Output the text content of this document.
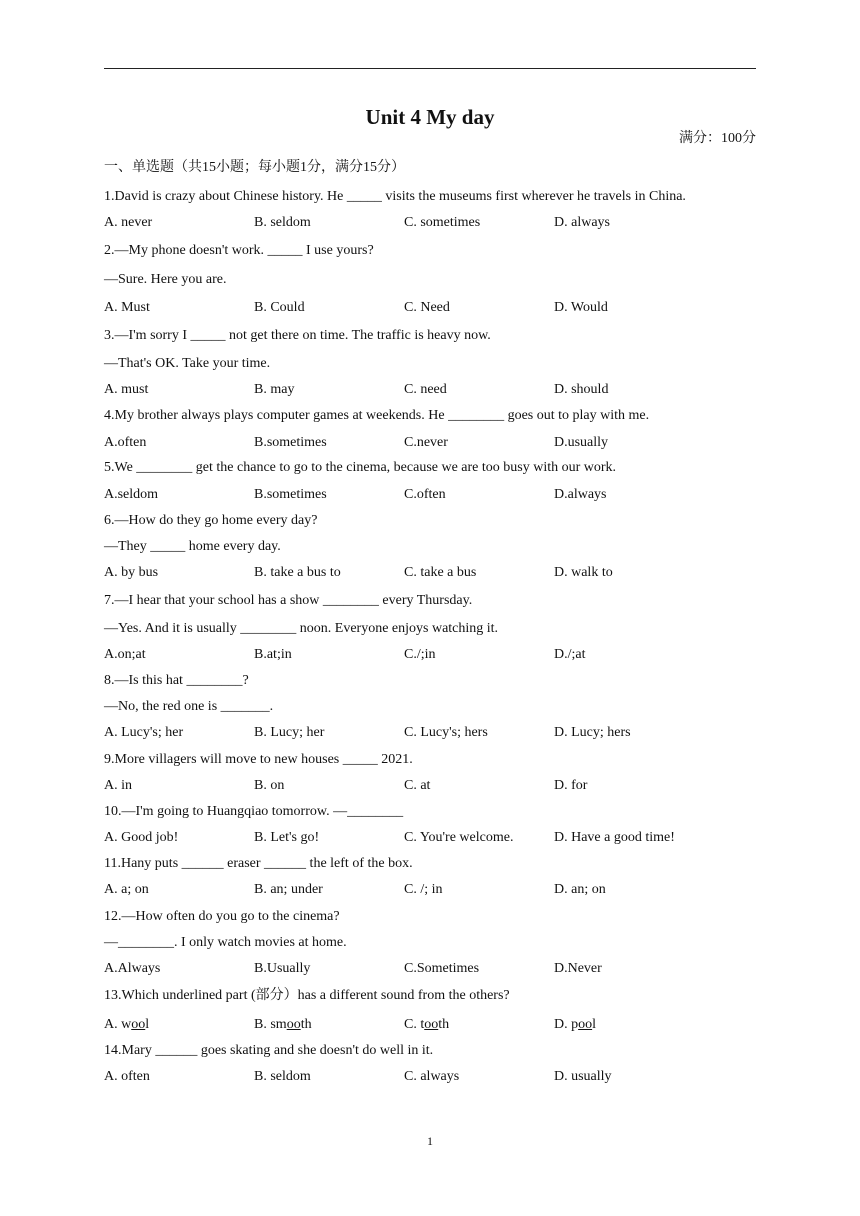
Unit 4 My day
满分：100分
一、单选题（共15小题；每小题1分，满分15分）
1.David is crazy about Chinese history. He _____ visits the museums first wherever he travels in China.
A. never	B. seldom	C. sometimes	D. always
2.—My phone doesn't work. _____ I use yours?
—Sure. Here you are.
A. Must	B. Could	C. Need	D. Would
3.—I'm sorry I _____ not get there on time. The traffic is heavy now.
—That's OK. Take your time.
A. must	B. may	C. need	D. should
4.My brother always plays computer games at weekends. He ________ goes out to play with me.
A.often	B.sometimes	C.never	D.usually
5.We ________ get the chance to go to the cinema, because we are too busy with our work.
A.seldom	B.sometimes	C.often	D.always
6.—How do they go home every day?
—They _____ home every day.
A. by bus	B. take a bus to	C. take a bus	D. walk to
7.—I hear that your school has a show ________ every Thursday.
—Yes. And it is usually ________ noon. Everyone enjoys watching it.
A.on;at	B.at;in	C./;in	D./;at
8.—Is this hat ________?
—No, the red one is _______.
A. Lucy's; her	B. Lucy; her	C. Lucy's; hers	D. Lucy; hers
9.More villagers will move to new houses _____ 2021.
A. in	B. on	C. at	D. for
10.—I'm going to Huangqiao tomorrow. —________
A. Good job!	B. Let's go!	C. You're welcome.	D. Have a good time!
11.Hany puts ______ eraser ______ the left of the box.
A. a; on	B. an; under	C. /; in	D. an; on
12.—How often do you go to the cinema?
—________. I only watch movies at home.
A.Always	B.Usually	C.Sometimes	D.Never
13.Which underlined part (部分）has a different sound from the others?
A. wool	B. smooth	C. tooth	D. pool
14.Mary ______ goes skating and she doesn't do well in it.
A. often	B. seldom	C. always	D. usually
1
